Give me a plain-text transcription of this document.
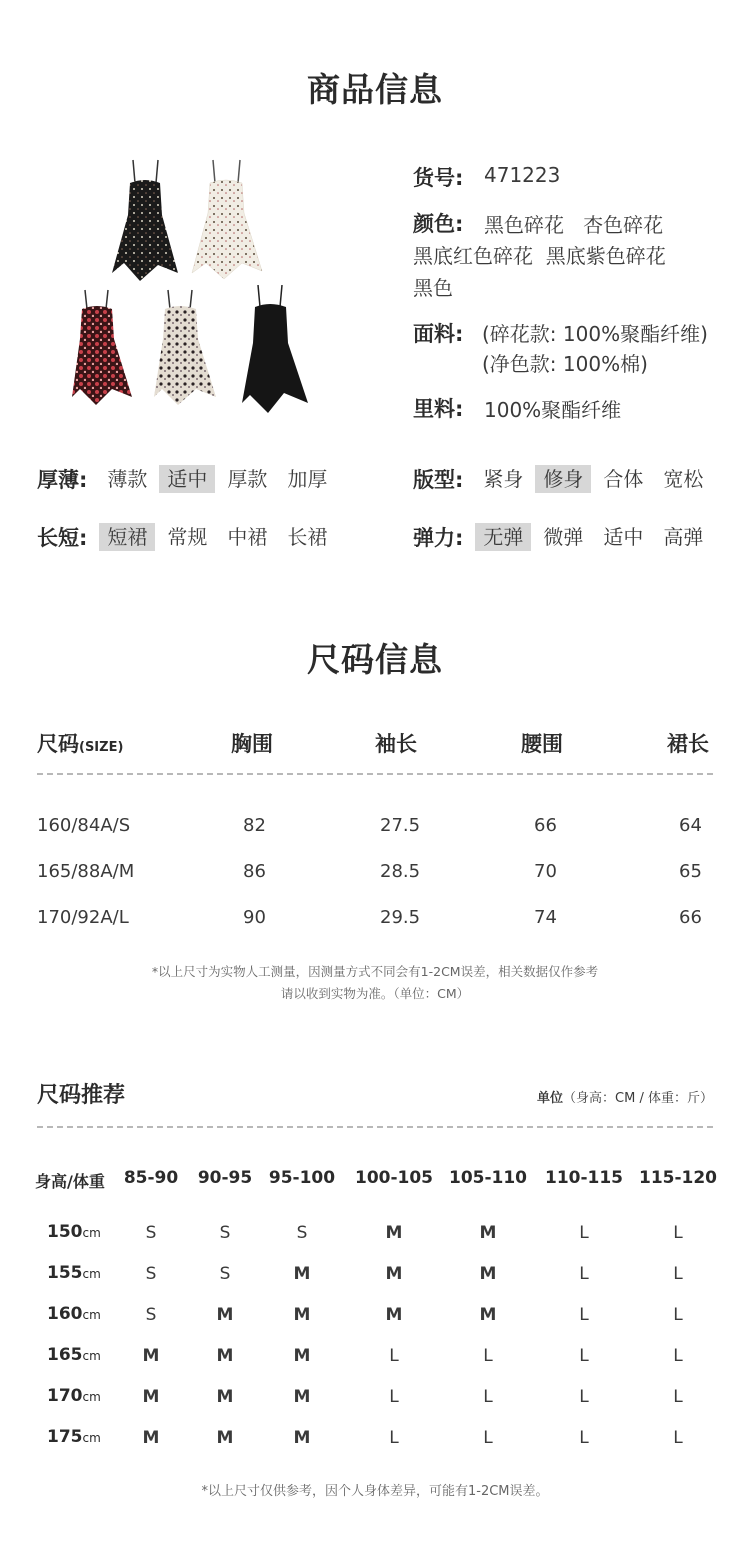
商品信息
货号: 471223
颜色: 黑色碎花   杏色碎花
黑底红色碎花  黑底紫色碎花
黑色
面料: (碎花款: 100%聚酯纤维)
(净色款: 100%棉)
里料: 100%聚酯纤维
厚薄:	薄款	适中	厚款	加厚	版型:	紧身	修身	合体	宽松
长短:	短裙	常规	中裙	长裙	弹力:	无弹	微弹	适中	高弹
尺码信息
尺码(SIZE)	胸围	袖长	腰围	裙长
160/84A/S	82	27.5	66	64
165/88A/M	86	28.5	70	65
170/92A/L	90	29.5	74	66
*以上尺寸为实物人工测量，因测量方式不同会有1-2CM误差，相关数据仅作参考
请以收到实物为准。（单位：CM）
尺码推荐	单位（身高：CM / 体重：斤）
身高/体重 85-90 90-95 95-100 100-105 105-110 110-115 115-120
150cm	S	S	S	M	M	L	L
155cm	S	S	M	M	M	L	L
160cm	S	M	M	M	M	L	L
165cm	M	M	M	L	L	L	L
170cm	M	M	M	L	L	L	L
175cm	M	M	M	L	L	L	L
*以上尺寸仅供参考，因个人身体差异，可能有1-2CM误差。
